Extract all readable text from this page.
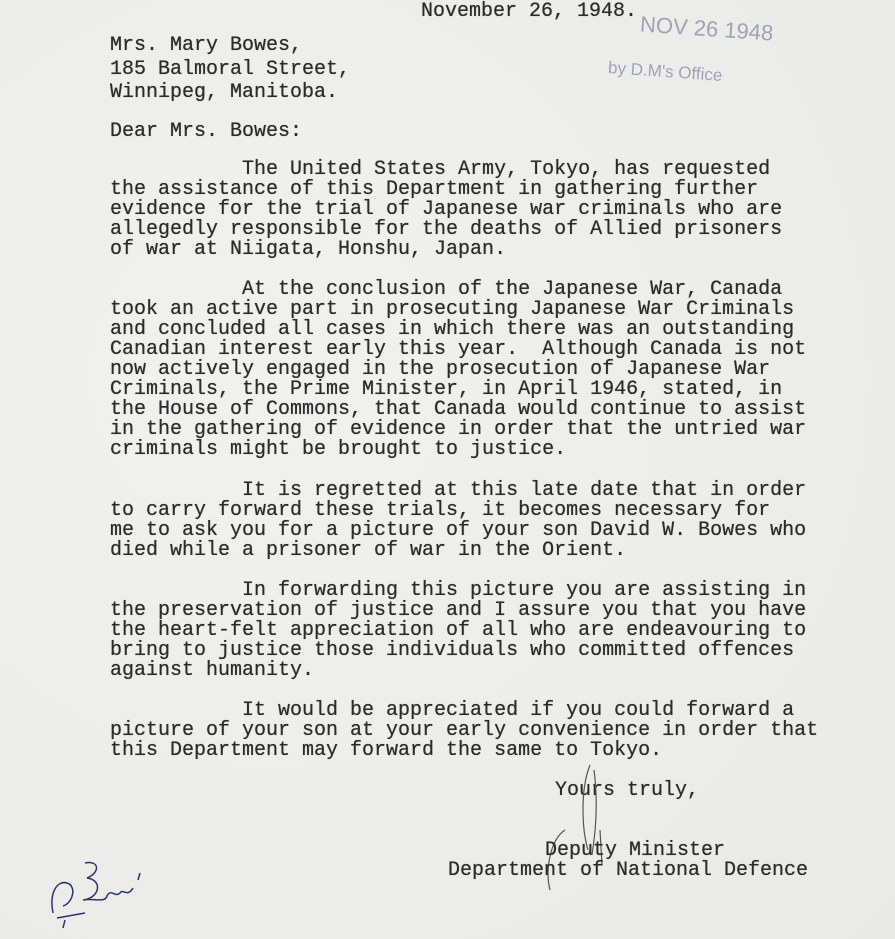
November 26, 1948. NOV 26 1948
by D.M's Office
Mrs. Mary Bowes,
185 Balmoral Street,
Winnipeg, Manitoba.
Dear Mrs. Bowes:
The United States Army, Tokyo, has requested
the assistance of this Department in gathering further
evidence for the trial of Japanese war criminals who are
allegedly responsible for the deaths of Allied prisoners
of war at Niigata, Honshu, Japan.
At the conclusion of the Japanese War, Canada
took an active part in prosecuting Japanese War Criminals
and concluded all cases in which there was an outstanding
Canadian interest early this year.  Although Canada is not
now actively engaged in the prosecution of Japanese War
Criminals, the Prime Minister, in April 1946, stated, in
the House of Commons, that Canada would continue to assist
in the gathering of evidence in order that the untried war
criminals might be brought to justice.
It is regretted at this late date that in order
to carry forward these trials, it becomes necessary for
me to ask you for a picture of your son David W. Bowes who
died while a prisoner of war in the Orient.
In forwarding this picture you are assisting in
the preservation of justice and I assure you that you have
the heart-felt appreciation of all who are endeavouring to
bring to justice those individuals who committed offences
against humanity.
It would be appreciated if you could forward a
picture of your son at your early convenience in order that
this Department may forward the same to Tokyo.
Yours truly,
Deputy Minister
Department of National Defence
